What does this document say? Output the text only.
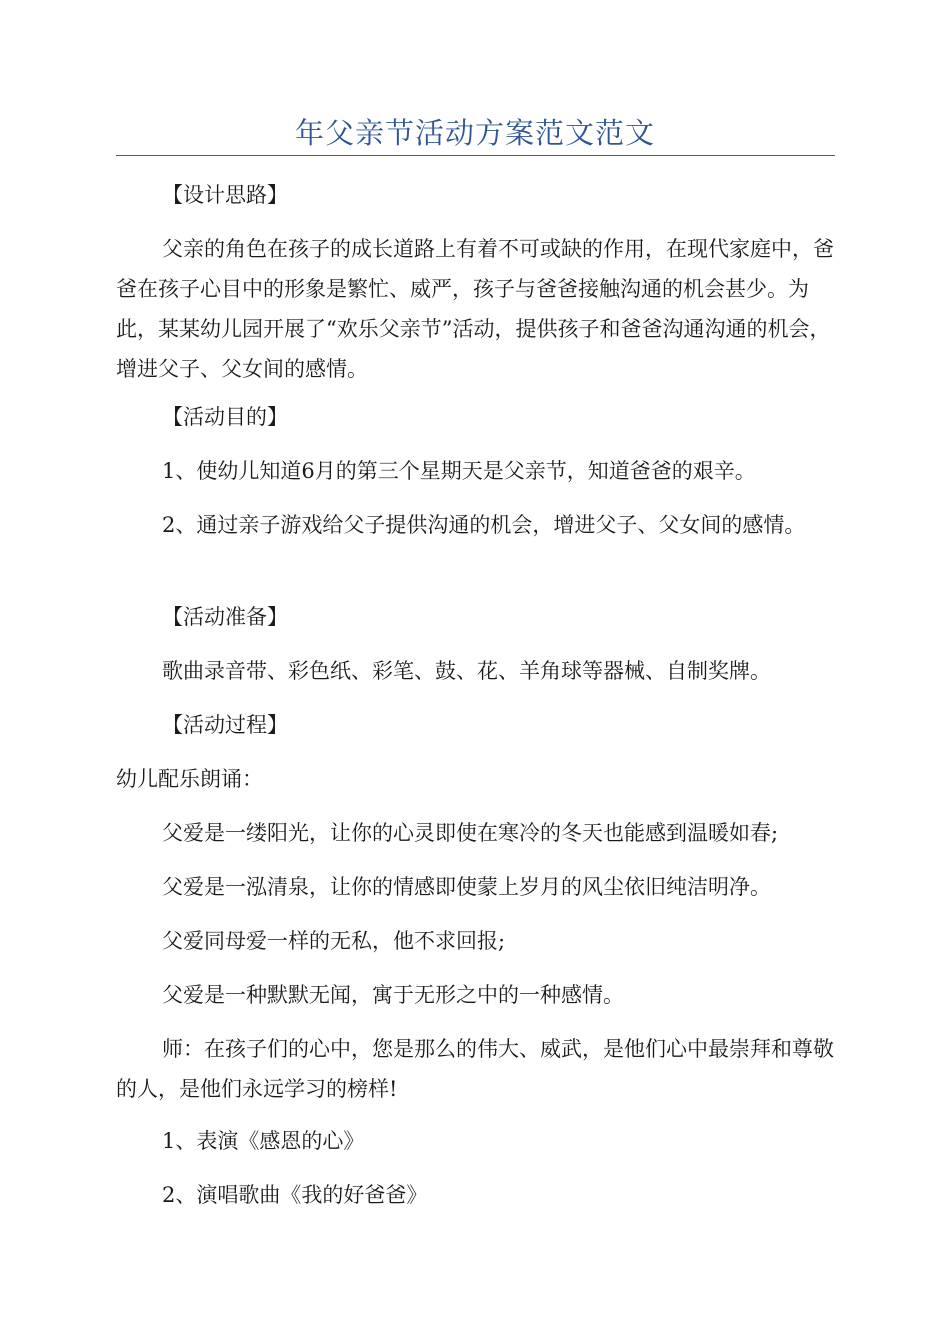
年父亲节活动方案范文范文

【设计思路】

父亲的角色在孩子的成长道路上有着不可或缺的作用，在现代家庭中，爸爸在孩子心目中的形象是繁忙、威严，孩子与爸爸接触沟通的机会甚少。为此，某某幼儿园开展了“欢乐父亲节”活动，提供孩子和爸爸沟通沟通的机会，增进父子、父女间的感情。

【活动目的】

1、使幼儿知道6月的第三个星期天是父亲节，知道爸爸的艰辛。

2、通过亲子游戏给父子提供沟通的机会，增进父子、父女间的感情。

【活动准备】

歌曲录音带、彩色纸、彩笔、鼓、花、羊角球等器械、自制奖牌。

【活动过程】

幼儿配乐朗诵：

父爱是一缕阳光，让你的心灵即使在寒冷的冬天也能感到温暖如春;

父爱是一泓清泉，让你的情感即使蒙上岁月的风尘依旧纯洁明净。

父爱同母爱一样的无私，他不求回报;

父爱是一种默默无闻，寓于无形之中的一种感情。

师：在孩子们的心中，您是那么的伟大、威武，是他们心中最崇拜和尊敬的人，是他们永远学习的榜样!

1、表演《感恩的心》

2、演唱歌曲《我的好爸爸》
